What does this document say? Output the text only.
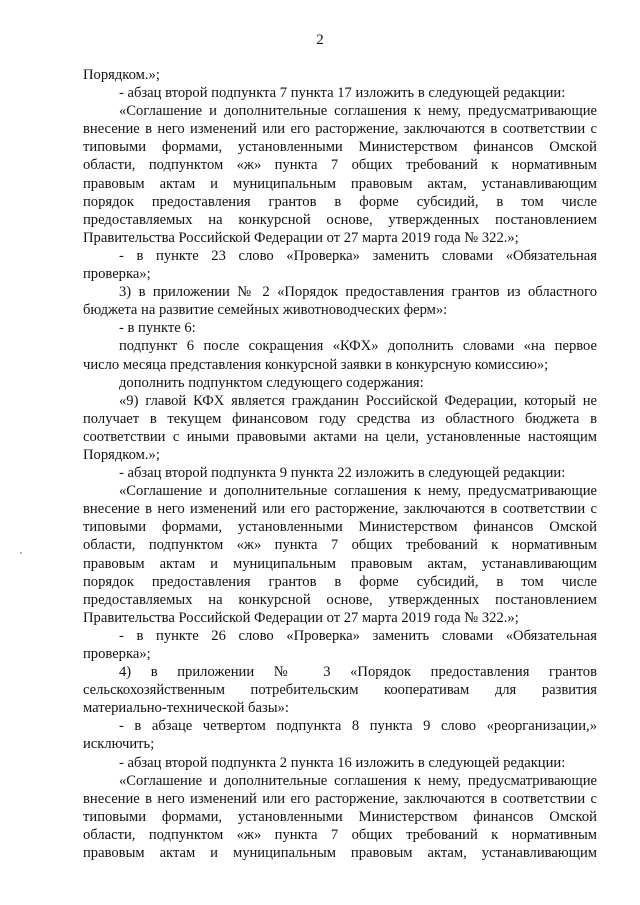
2
Порядком.»;
- абзац второй подпункта 7 пункта 17 изложить в следующей редакции:
«Соглашение и дополнительные соглашения к нему, предусматривающие
внесение в него изменений или его расторжение, заключаются в соответствии с
типовыми формами, установленными Министерством финансов Омской
области, подпунктом «ж» пункта 7 общих требований к нормативным
правовым актам и муниципальным правовым актам, устанавливающим
порядок предоставления грантов в форме субсидий, в том числе
предоставляемых на конкурсной основе, утвержденных постановлением
Правительства Российской Федерации от 27 марта 2019 года № 322.»;
- в пункте 23 слово «Проверка» заменить словами «Обязательная
проверка»;
3) в приложении № 2 «Порядок предоставления грантов из областного
бюджета на развитие семейных животноводческих ферм»:
- в пункте 6:
подпункт 6 после сокращения «КФХ» дополнить словами «на первое
число месяца представления конкурсной заявки в конкурсную комиссию»;
дополнить подпунктом следующего содержания:
«9) главой КФХ является гражданин Российской Федерации, который не
получает в текущем финансовом году средства из областного бюджета в
соответствии с иными правовыми актами на цели, установленные настоящим
Порядком.»;
- абзац второй подпункта 9 пункта 22 изложить в следующей редакции:
«Соглашение и дополнительные соглашения к нему, предусматривающие
внесение в него изменений или его расторжение, заключаются в соответствии с
типовыми формами, установленными Министерством финансов Омской
области, подпунктом «ж» пункта 7 общих требований к нормативным
правовым актам и муниципальным правовым актам, устанавливающим
порядок предоставления грантов в форме субсидий, в том числе
предоставляемых на конкурсной основе, утвержденных постановлением
Правительства Российской Федерации от 27 марта 2019 года № 322.»;
- в пункте 26 слово «Проверка» заменить словами «Обязательная
проверка»;
4) в приложении № 3 «Порядок предоставления грантов
сельскохозяйственным потребительским кооперативам для развития
материально-технической базы»:
- в абзаце четвертом подпункта 8 пункта 9 слово «реорганизации,»
исключить;
- абзац второй подпункта 2 пункта 16 изложить в следующей редакции:
«Соглашение и дополнительные соглашения к нему, предусматривающие
внесение в него изменений или его расторжение, заключаются в соответствии с
типовыми формами, установленными Министерством финансов Омской
области, подпунктом «ж» пункта 7 общих требований к нормативным
правовым актам и муниципальным правовым актам, устанавливающим
